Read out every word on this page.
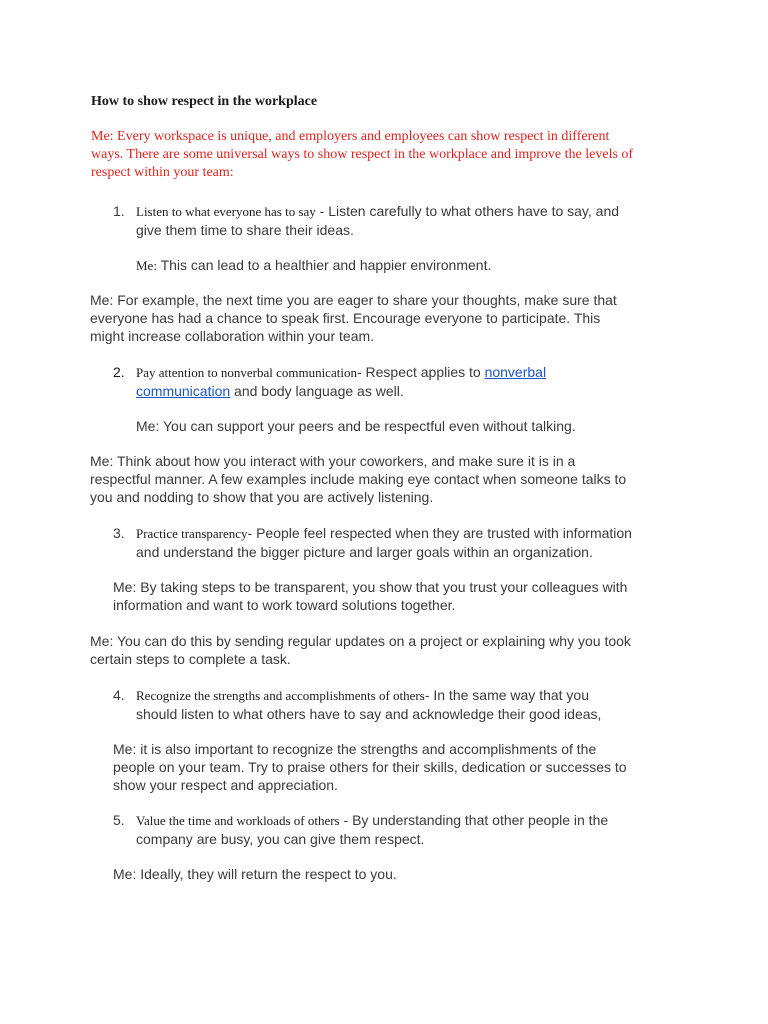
How to show respect in the workplace
Me: Every workspace is unique, and employers and employees can show respect in different
ways. There are some universal ways to show respect in the workplace and improve the levels of
respect within your team:
1. Listen to what everyone has to say - Listen carefully to what others have to say, and
give them time to share their ideas.
Me: This can lead to a healthier and happier environment.
Me: For example, the next time you are eager to share your thoughts, make sure that
everyone has had a chance to speak first. Encourage everyone to participate. This
might increase collaboration within your team.
2. Pay attention to nonverbal communication- Respect applies to nonverbal
communication and body language as well.
Me: You can support your peers and be respectful even without talking.
Me: Think about how you interact with your coworkers, and make sure it is in a
respectful manner. A few examples include making eye contact when someone talks to
you and nodding to show that you are actively listening.
3. Practice transparency- People feel respected when they are trusted with information
and understand the bigger picture and larger goals within an organization.
Me: By taking steps to be transparent, you show that you trust your colleagues with
information and want to work toward solutions together.
Me: You can do this by sending regular updates on a project or explaining why you took
certain steps to complete a task.
4. Recognize the strengths and accomplishments of others- In the same way that you
should listen to what others have to say and acknowledge their good ideas,
Me: it is also important to recognize the strengths and accomplishments of the
people on your team. Try to praise others for their skills, dedication or successes to
show your respect and appreciation.
5. Value the time and workloads of others - By understanding that other people in the
company are busy, you can give them respect.
Me: Ideally, they will return the respect to you.
